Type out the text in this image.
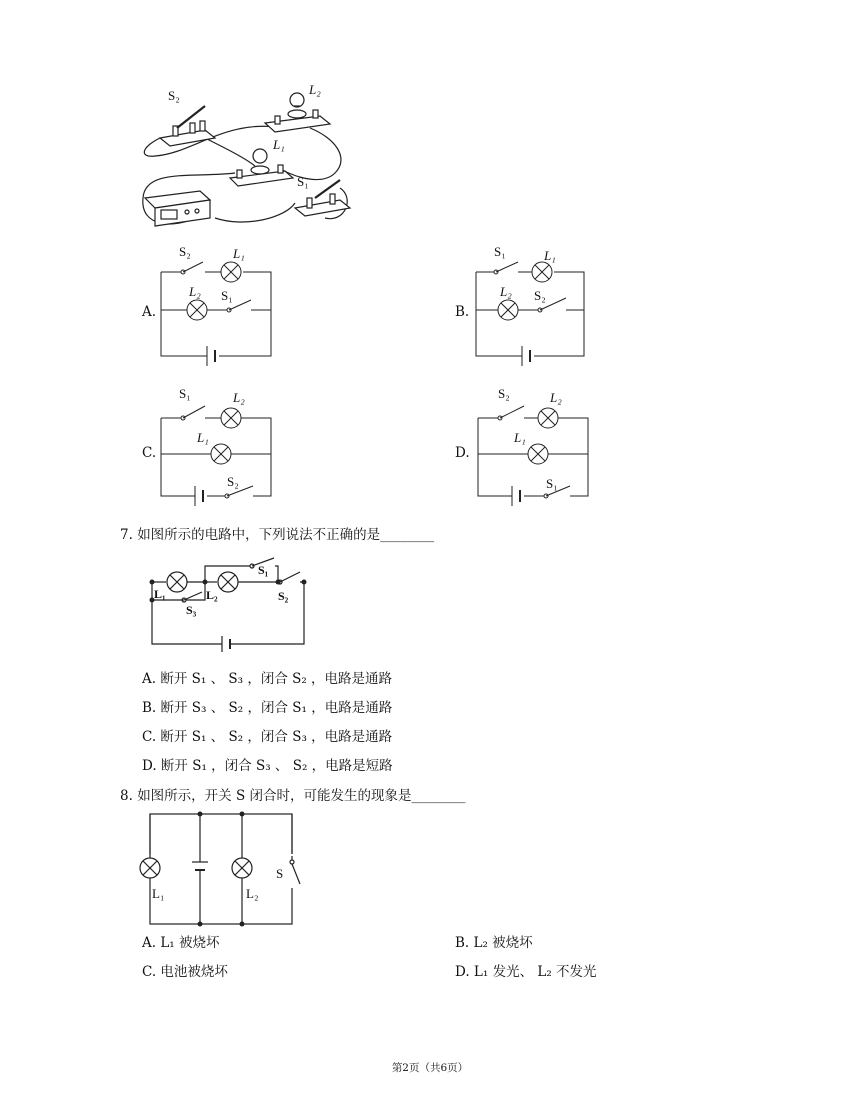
S₂	L₂
L₁
S₁
A.
S₂	L₁
L₂ S₁
B.
S₁	L₁
L₂ S₂
C.
S₁	L₂
L₁
S₂
D.
S₂	L₂
L₁
S₁
7. 如图所示的电路中，下列说法不正确的是________
L₁	L₂
S₁
S₂
S₃
A. 断开 S₁ 、 S₃ ，闭合 S₂ ，电路是通路
B. 断开 S₃ 、 S₂ ，闭合 S₁ ，电路是通路
C. 断开 S₁ 、 S₂ ，闭合 S₃ ，电路是通路
D. 断开 S₁ ，闭合 S₃ 、 S₂ ，电路是短路
8. 如图所示，开关 S 闭合时，可能发生的现象是________
L₁	L₂
S
A. L₁ 被烧坏	B. L₂ 被烧坏
C. 电池被烧坏	D. L₁ 发光、 L₂ 不发光
第2页（共6页）
